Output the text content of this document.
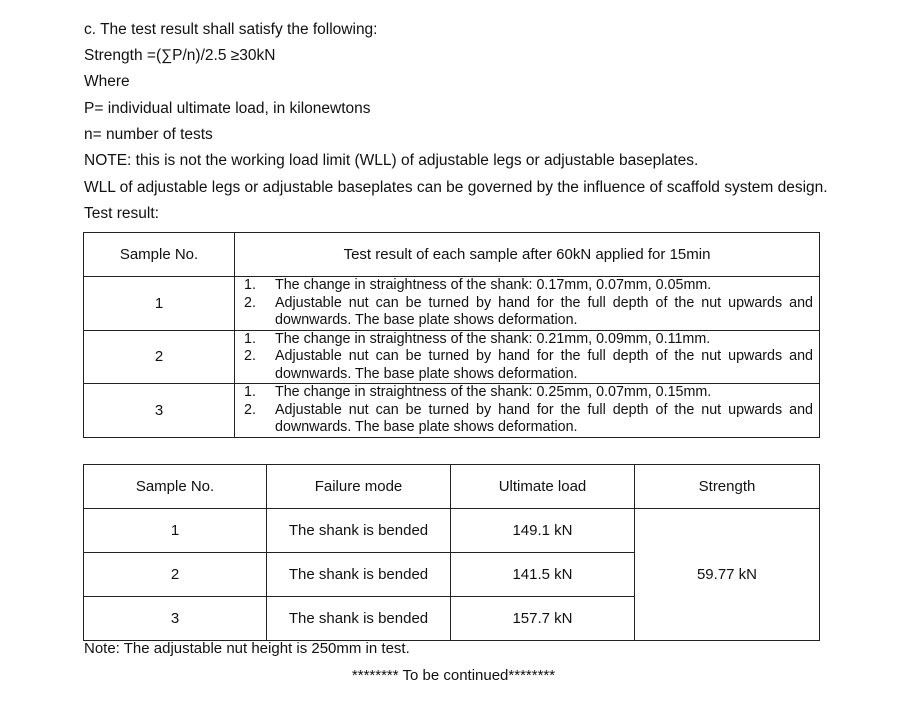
c. The test result shall satisfy the following:
Strength =(∑P/n)/2.5 ≥30kN
Where
P= individual ultimate load, in kilonewtons
n= number of tests
NOTE: this is not the working load limit (WLL) of adjustable legs or adjustable baseplates.
WLL of adjustable legs or adjustable baseplates can be governed by the influence of scaffold system design.
Test result:
Sample No.	Test result of each sample after 60kN applied for 15min
1	1. The change in straightness of the shank: 0.17mm, 0.07mm, 0.05mm.
2. Adjustable nut can be turned by hand for the full depth of the nut upwards and downwards. The base plate shows deformation.

2	1. The change in straightness of the shank: 0.21mm, 0.09mm, 0.11mm.
2. Adjustable nut can be turned by hand for the full depth of the nut upwards and downwards. The base plate shows deformation.

3	1. The change in straightness of the shank: 0.25mm, 0.07mm, 0.15mm.
2. Adjustable nut can be turned by hand for the full depth of the nut upwards and downwards. The base plate shows deformation.
Sample No.	Failure mode	Ultimate load	Strength
1	The shank is bended	149.1 kN	59.77 kN
2	The shank is bended	141.5 kN	
3	The shank is bended	157.7 kN	
Note: The adjustable nut height is 250mm in test.
******** To be continued********
